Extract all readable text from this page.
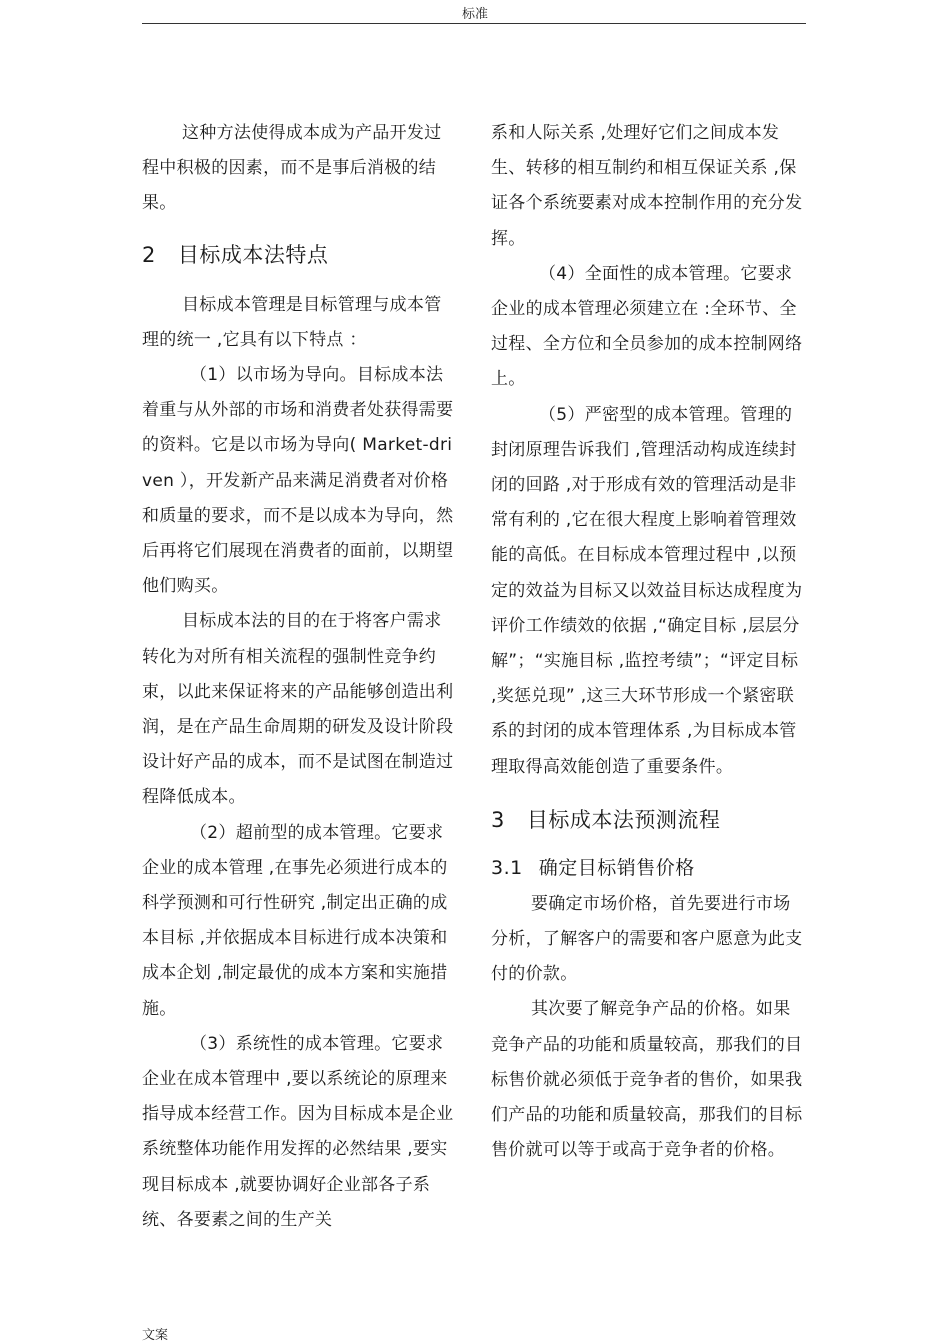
标准

这种方法使得成本成为产品开发过程中积极的因素，而不是事后消极的结果。

2 目标成本法特点

目标成本管理是目标管理与成本管理的统一 ,它具有以下特点 ：

（1）以市场为导向。目标成本法着重与从外部的市场和消费者处获得需要的资料。它是以市场为导向( Market-driven ），开发新产品来满足消费者对价格和质量的要求，而不是以成本为导向，然后再将它们展现在消费者的面前，以期望他们购买。

目标成本法的目的在于将客户需求转化为对所有相关流程的强制性竞争约束，以此来保证将来的产品能够创造出利润，是在产品生命周期的研发及设计阶段设计好产品的成本，而不是试图在制造过程降低成本。

（2）超前型的成本管理。它要求企业的成本管理 ,在事先必须进行成本的科学预测和可行性研究 ,制定出正确的成本目标 ,并依据成本目标进行成本决策和成本企划 ,制定最优的成本方案和实施措施。

（3）系统性的成本管理。它要求企业在成本管理中 ,要以系统论的原理来指导成本经营工作。因为目标成本是企业系统整体功能作用发挥的必然结果 ,要实现目标成本 ,就要协调好企业部各子系统、各要素之间的生产关

系和人际关系 ,处理好它们之间成本发生、转移的相互制约和相互保证关系 ,保证各个系统要素对成本控制作用的充分发挥。

（4）全面性的成本管理。它要求企业的成本管理必须建立在 :全环节、全过程、全方位和全员参加的成本控制网络上。

（5）严密型的成本管理。管理的封闭原理告诉我们 ,管理活动构成连续封闭的回路 ,对于形成有效的管理活动是非常有利的 ,它在很大程度上影响着管理效能的高低。在目标成本管理过程中 ,以预定的效益为目标又以效益目标达成程度为评价工作绩效的依据 ,“确定目标 ,层层分解”；“实施目标 ,监控考绩”；“评定目标 ,奖惩兑现” ,这三大环节形成一个紧密联系的封闭的成本管理体系 ,为目标成本管理取得高效能创造了重要条件。

3 目标成本法预测流程
3.1 确定目标销售价格

要确定市场价格，首先要进行市场分析，了解客户的需要和客户愿意为此支付的价款。

其次要了解竞争产品的价格。如果竞争产品的功能和质量较高，那我们的目标售价就必须低于竞争者的售价，如果我们产品的功能和质量较高，那我们的目标售价就可以等于或高于竞争者的价格。

文案
